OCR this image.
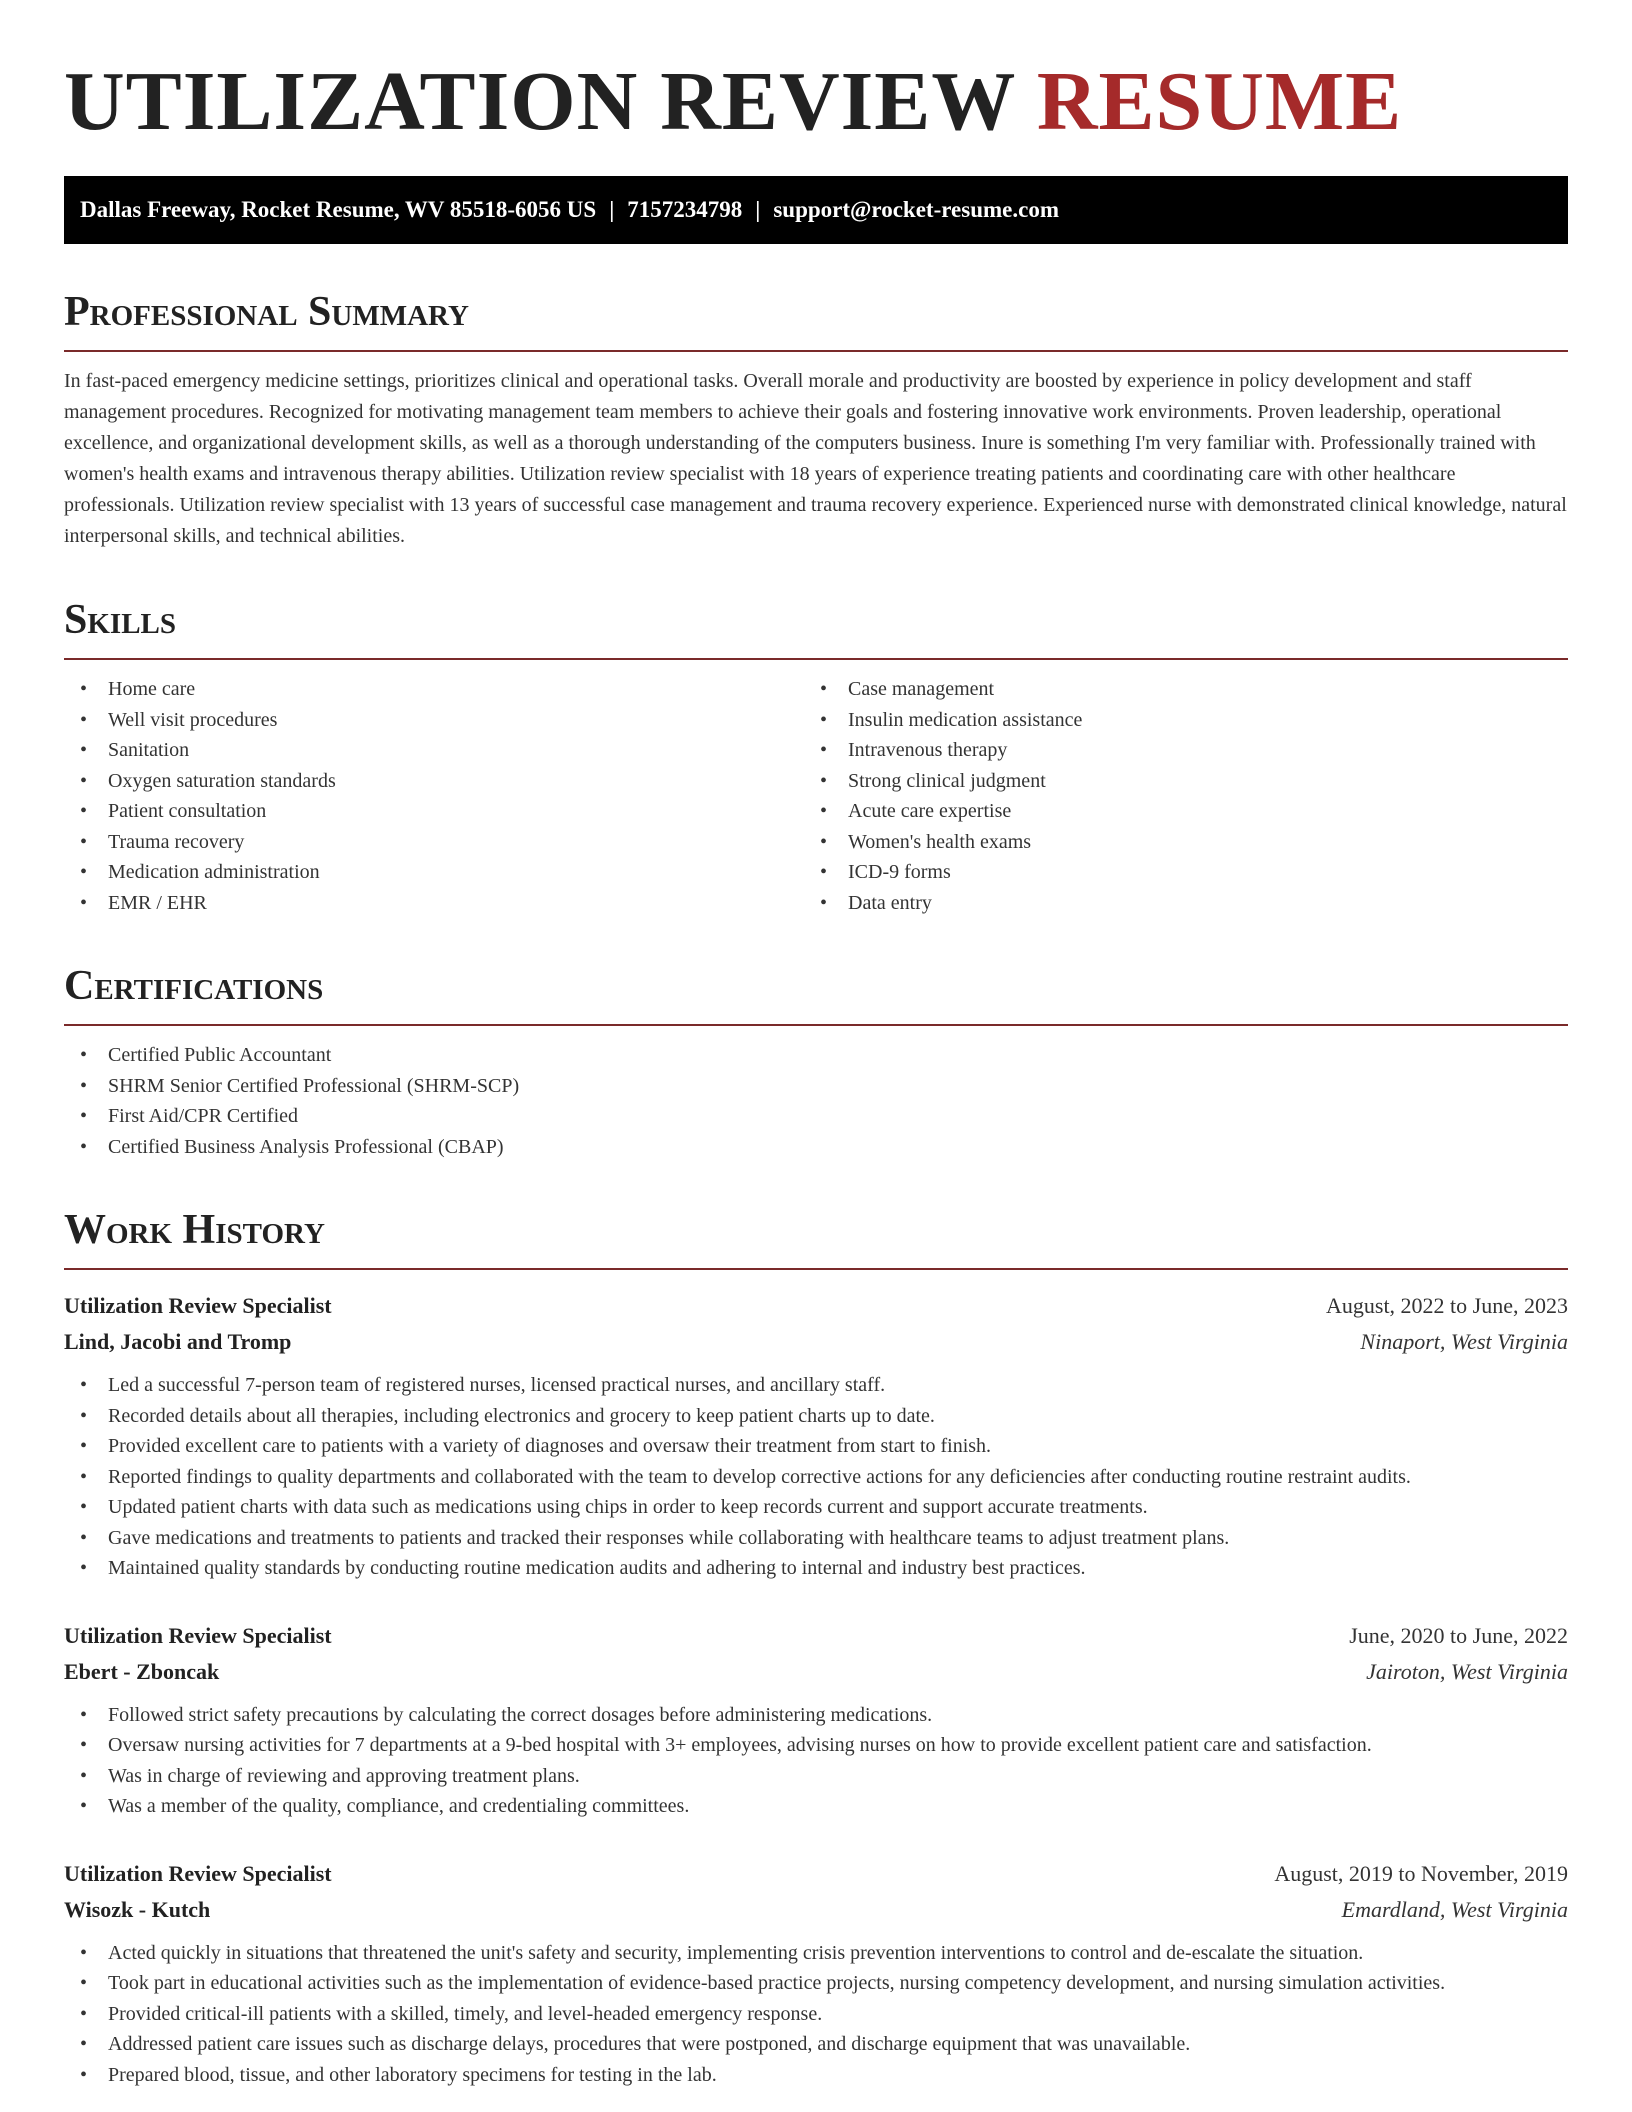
UTILIZATION REVIEW RESUME
Dallas Freeway, Rocket Resume, WV 85518-6056 US | 7157234798 | support@rocket-resume.com
Professional Summary

In fast-paced emergency medicine settings, prioritizes clinical and operational tasks. Overall morale and productivity are boosted by experience in policy development and staff management procedures. Recognized for motivating management team members to achieve their goals and fostering innovative work environments. Proven leadership, operational excellence, and organizational development skills, as well as a thorough understanding of the computers business. Inure is something I'm very familiar with. Professionally trained with women's health exams and intravenous therapy abilities. Utilization review specialist with 18 years of experience treating patients and coordinating care with other healthcare professionals. Utilization review specialist with 13 years of successful case management and trauma recovery experience. Experienced nurse with demonstrated clinical knowledge, natural interpersonal skills, and technical abilities.

Skills
• Home care
• Well visit procedures
• Sanitation
• Oxygen saturation standards
• Patient consultation
• Trauma recovery
• Medication administration
• EMR / EHR
• Case management
• Insulin medication assistance
• Intravenous therapy
• Strong clinical judgment
• Acute care expertise
• Women's health exams
• ICD-9 forms
• Data entry
Certifications
• Certified Public Accountant
• SHRM Senior Certified Professional (SHRM-SCP)
• First Aid/CPR Certified
• Certified Business Analysis Professional (CBAP)
Work History
Utilization Review Specialist	August, 2022 to June, 2023
Lind, Jacobi and Tromp	Ninaport, West Virginia
• Led a successful 7-person team of registered nurses, licensed practical nurses, and ancillary staff.
• Recorded details about all therapies, including electronics and grocery to keep patient charts up to date.
• Provided excellent care to patients with a variety of diagnoses and oversaw their treatment from start to finish.
• Reported findings to quality departments and collaborated with the team to develop corrective actions for any deficiencies after conducting routine restraint audits.
• Updated patient charts with data such as medications using chips in order to keep records current and support accurate treatments.
• Gave medications and treatments to patients and tracked their responses while collaborating with healthcare teams to adjust treatment plans.
• Maintained quality standards by conducting routine medication audits and adhering to internal and industry best practices.
Utilization Review Specialist	June, 2020 to June, 2022
Ebert - Zboncak	Jairoton, West Virginia
• Followed strict safety precautions by calculating the correct dosages before administering medications.
• Oversaw nursing activities for 7 departments at a 9-bed hospital with 3+ employees, advising nurses on how to provide excellent patient care and satisfaction.
• Was in charge of reviewing and approving treatment plans.
• Was a member of the quality, compliance, and credentialing committees.
Utilization Review Specialist	August, 2019 to November, 2019
Wisozk - Kutch	Emardland, West Virginia
• Acted quickly in situations that threatened the unit's safety and security, implementing crisis prevention interventions to control and de-escalate the situation.
• Took part in educational activities such as the implementation of evidence-based practice projects, nursing competency development, and nursing simulation activities.
• Provided critical-ill patients with a skilled, timely, and level-headed emergency response.
• Addressed patient care issues such as discharge delays, procedures that were postponed, and discharge equipment that was unavailable.
• Prepared blood, tissue, and other laboratory specimens for testing in the lab.
